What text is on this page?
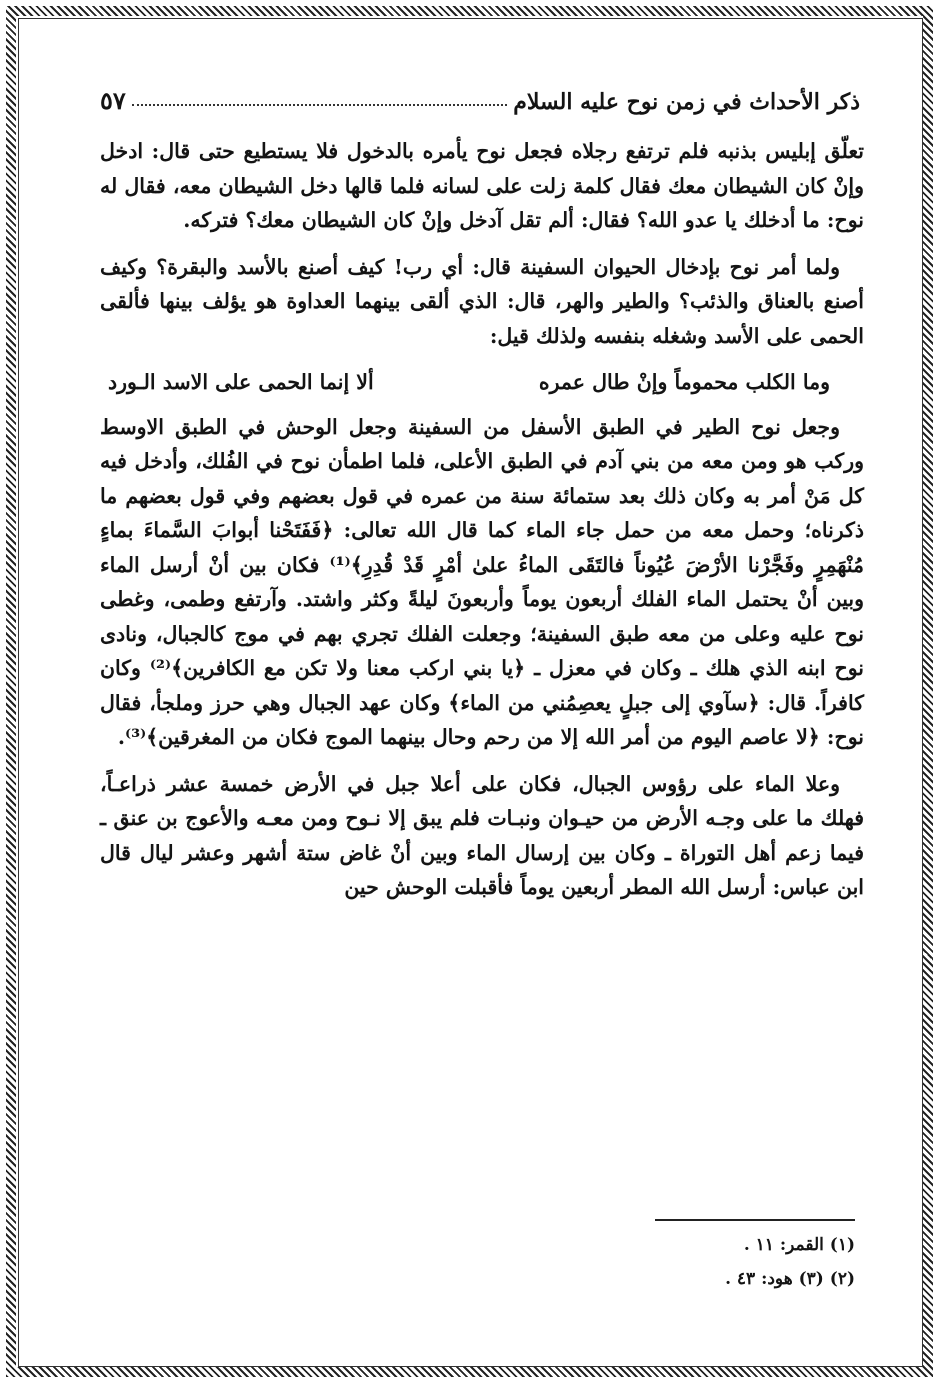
ذكر الأحداث في زمن نوح عليه السلام
٥٧

تعلّق إبليس بذنبه فلم ترتفع رجلاه فجعل نوح يأمره بالدخول فلا يستطيع حتى قال: ادخل وإنْ كان الشيطان معك فقال كلمة زلت على لسانه فلما قالها دخل الشيطان معه، فقال له نوح: ما أدخلك يا عدو الله؟ فقال: ألم تقل آدخل وإنْ كان الشيطان معك؟ فتركه.

ولما أمر نوح بإدخال الحيوان السفينة قال: أي رب! كيف أصنع بالأسد والبقرة؟ وكيف أصنع بالعناق والذئب؟ والطير والهر، قال: الذي ألقى بينهما العداوة هو يؤلف بينها فألقى الحمى على الأسد وشغله بنفسه ولذلك قيل:

وما الكلب محموماً وإنْ طال عمره
ألا إنما الحمى على الاسد الـورد

وجعل نوح الطير في الطبق الأسفل من السفينة وجعل الوحش في الطبق الاوسط وركب هو ومن معه من بني آدم في الطبق الأعلى، فلما اطمأن نوح في الفُلك، وأدخل فيه كل مَنْ أمر به وكان ذلك بعد ستمائة سنة من عمره في قول بعضهم وفي قول بعضهم ما ذكرناه؛ وحمل معه من حمل جاء الماء كما قال الله تعالى: ﴿فَفَتَحْنا أبوابَ السَّماءَ بماءٍ مُنْهَمِرٍ وفَجَّرْنا الأرْضَ عُيُوناً فالتَقَى الماءُ علىٰ أمْرٍ قَدْ قُدِرِ﴾⁽¹⁾ فكان بين أنْ أرسل الماء وبين أنْ يحتمل الماء الفلك أربعون يوماً وأربعونَ ليلةً وكثر واشتد. وآرتفع وطمى، وغطى نوح عليه وعلى من معه طبق السفينة؛ وجعلت الفلك تجري بهم في موج كالجبال، ونادى نوح ابنه الذي هلك ـ وكان في معزل ـ ﴿يا بني اركب معنا ولا تكن مع الكافرين﴾⁽²⁾ وكان كافراً. قال: ﴿سآوي إلى جبلٍ يعصِمُني من الماء﴾ وكان عهد الجبال وهي حرز وملجأ، فقال نوح: ﴿لا عاصم اليوم من أمر الله إلا من رحم وحال بينهما الموج فكان من المغرقين﴾⁽³⁾.

وعلا الماء على رؤوس الجبال، فكان على أعلا جبل في الأرض خمسة عشر ذراعـاً، فهلك ما على وجـه الأرض من حيـوان ونبـات فلم يبق إلا نـوح ومن معـه والأعوج بن عنق ـ فيما زعم أهل التوراة ـ وكان بين إرسال الماء وبين أنْ غاض ستة أشهر وعشر ليال قال ابن عباس: أرسل الله المطر أربعين يوماً فأقبلت الوحش حين

(١) القمر: ١١ .

(٢) (٣) هود: ٤٣ .
